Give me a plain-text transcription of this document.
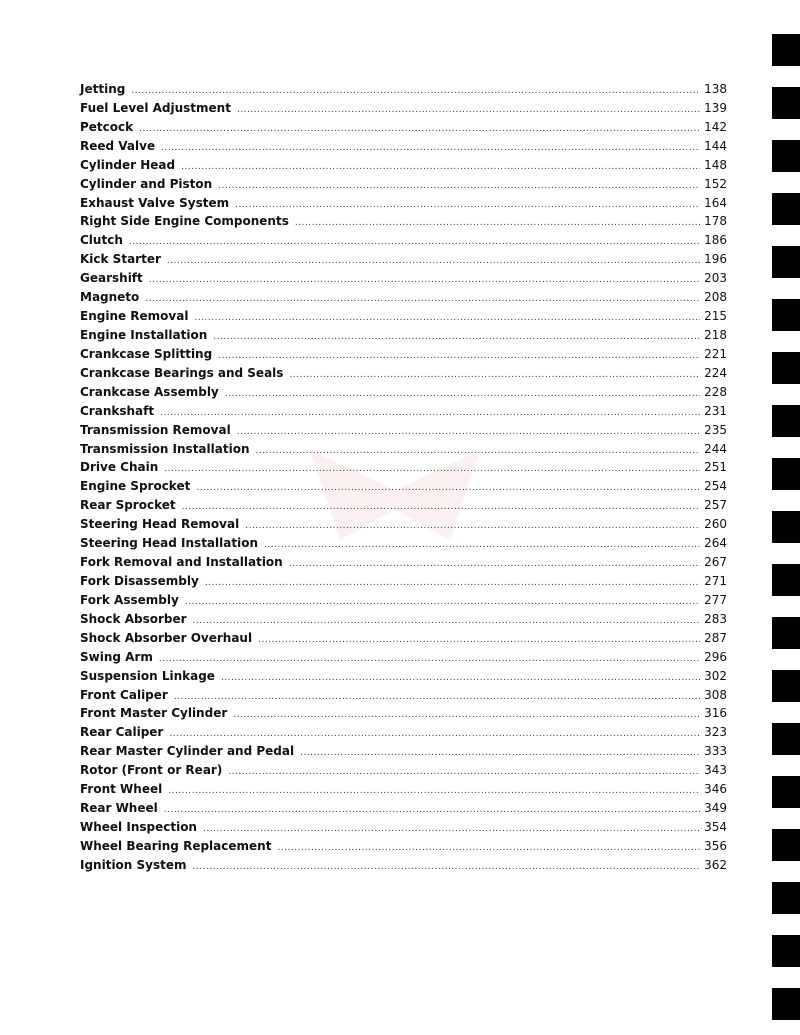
Jetting .....	138
Fuel Level Adjustment .....	139
Petcock .....	142
Reed Valve .....	144
Cylinder Head .....	148
Cylinder and Piston .....	152
Exhaust Valve System .....	164
Right Side Engine Components .....	178
Clutch .....	186
Kick Starter .....	196
Gearshift .....	203
Magneto .....	208
Engine Removal .....	215
Engine Installation .....	218
Crankcase Splitting .....	221
Crankcase Bearings and Seals .....	224
Crankcase Assembly .....	228
Crankshaft .....	231
Transmission Removal .....	235
Transmission Installation .....	244
Drive Chain .....	251
Engine Sprocket .....	254
Rear Sprocket .....	257
Steering Head Removal .....	260
Steering Head Installation .....	264
Fork Removal and Installation .....	267
Fork Disassembly .....	271
Fork Assembly .....	277
Shock Absorber .....	283
Shock Absorber Overhaul .....	287
Swing Arm .....	296
Suspension Linkage .....	302
Front Caliper .....	308
Front Master Cylinder .....	316
Rear Caliper .....	323
Rear Master Cylinder and Pedal .....	333
Rotor (Front or Rear) .....	343
Front Wheel .....	346
Rear Wheel .....	349
Wheel Inspection .....	354
Wheel Bearing Replacement .....	356
Ignition System .....	362
